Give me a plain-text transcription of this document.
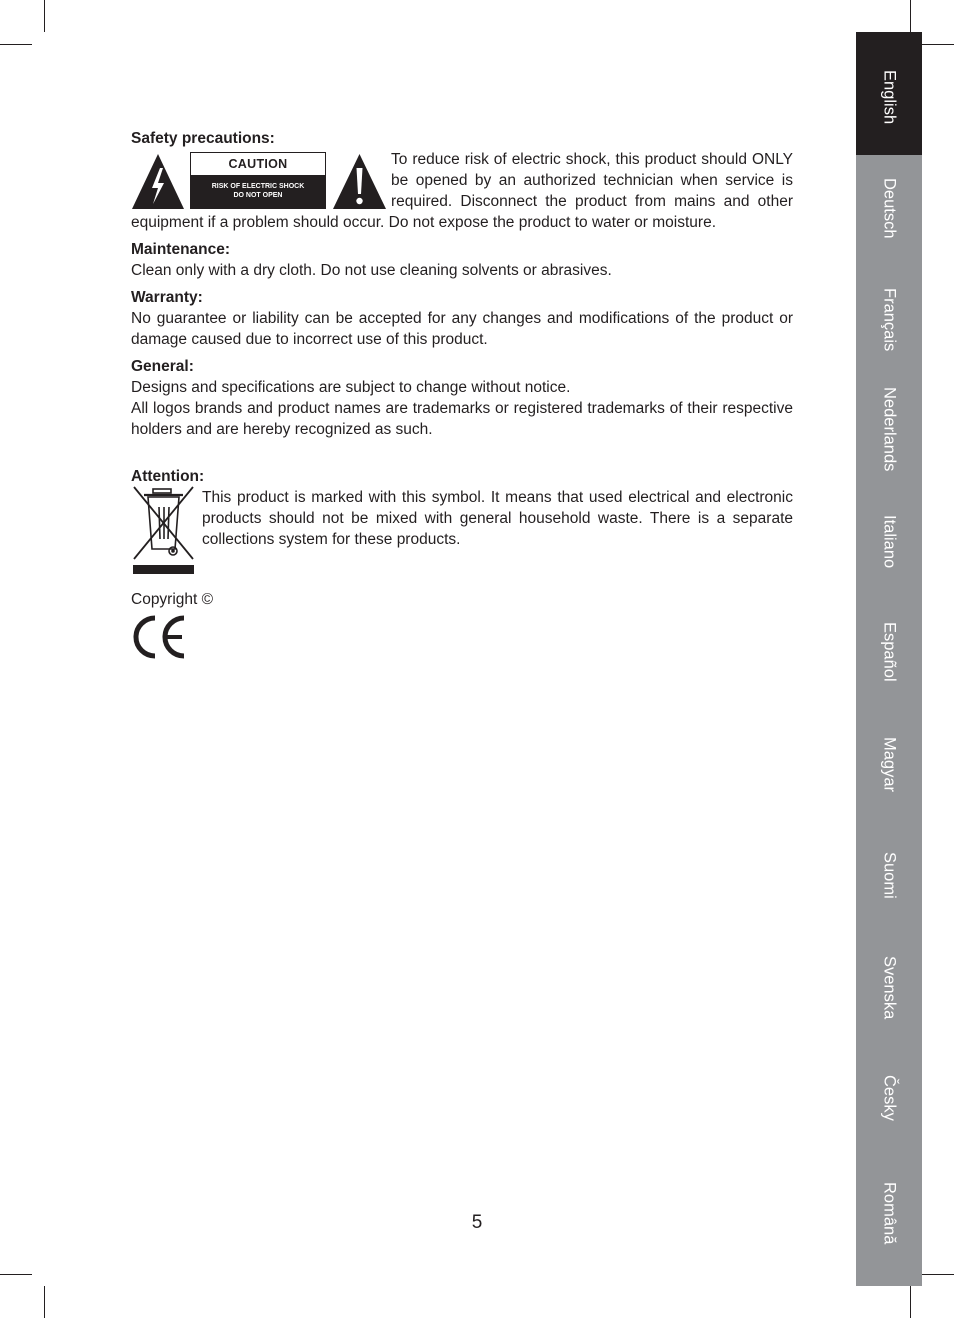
Safety precautions:
CAUTION
RISK OF ELECTRIC SHOCK
DO NOT OPEN

To reduce risk of electric shock, this product should ONLY be opened by an authorized technician when service is required. Disconnect the product from mains and other equipment if a problem should occur. Do not expose the product to water or moisture.

Maintenance:

Clean only with a dry cloth. Do not use cleaning solvents or abrasives.

Warranty:

No guarantee or liability can be accepted for any changes and modifications of the product or damage caused due to incorrect use of this product.

General:

Designs and specifications are subject to change without notice.

All logos brands and product names are trademarks or registered trademarks of their respective holders and are hereby recognized as such.

Attention:

This product is marked with this symbol. It means that used electrical and electronic products should not be mixed with general household waste. There is a separate collections system for these products.

Copyright ©
English
Deutsch
Français
Nederlands
Italiano
Español
Magyar
Suomi
Svenska
Česky
Română
5
